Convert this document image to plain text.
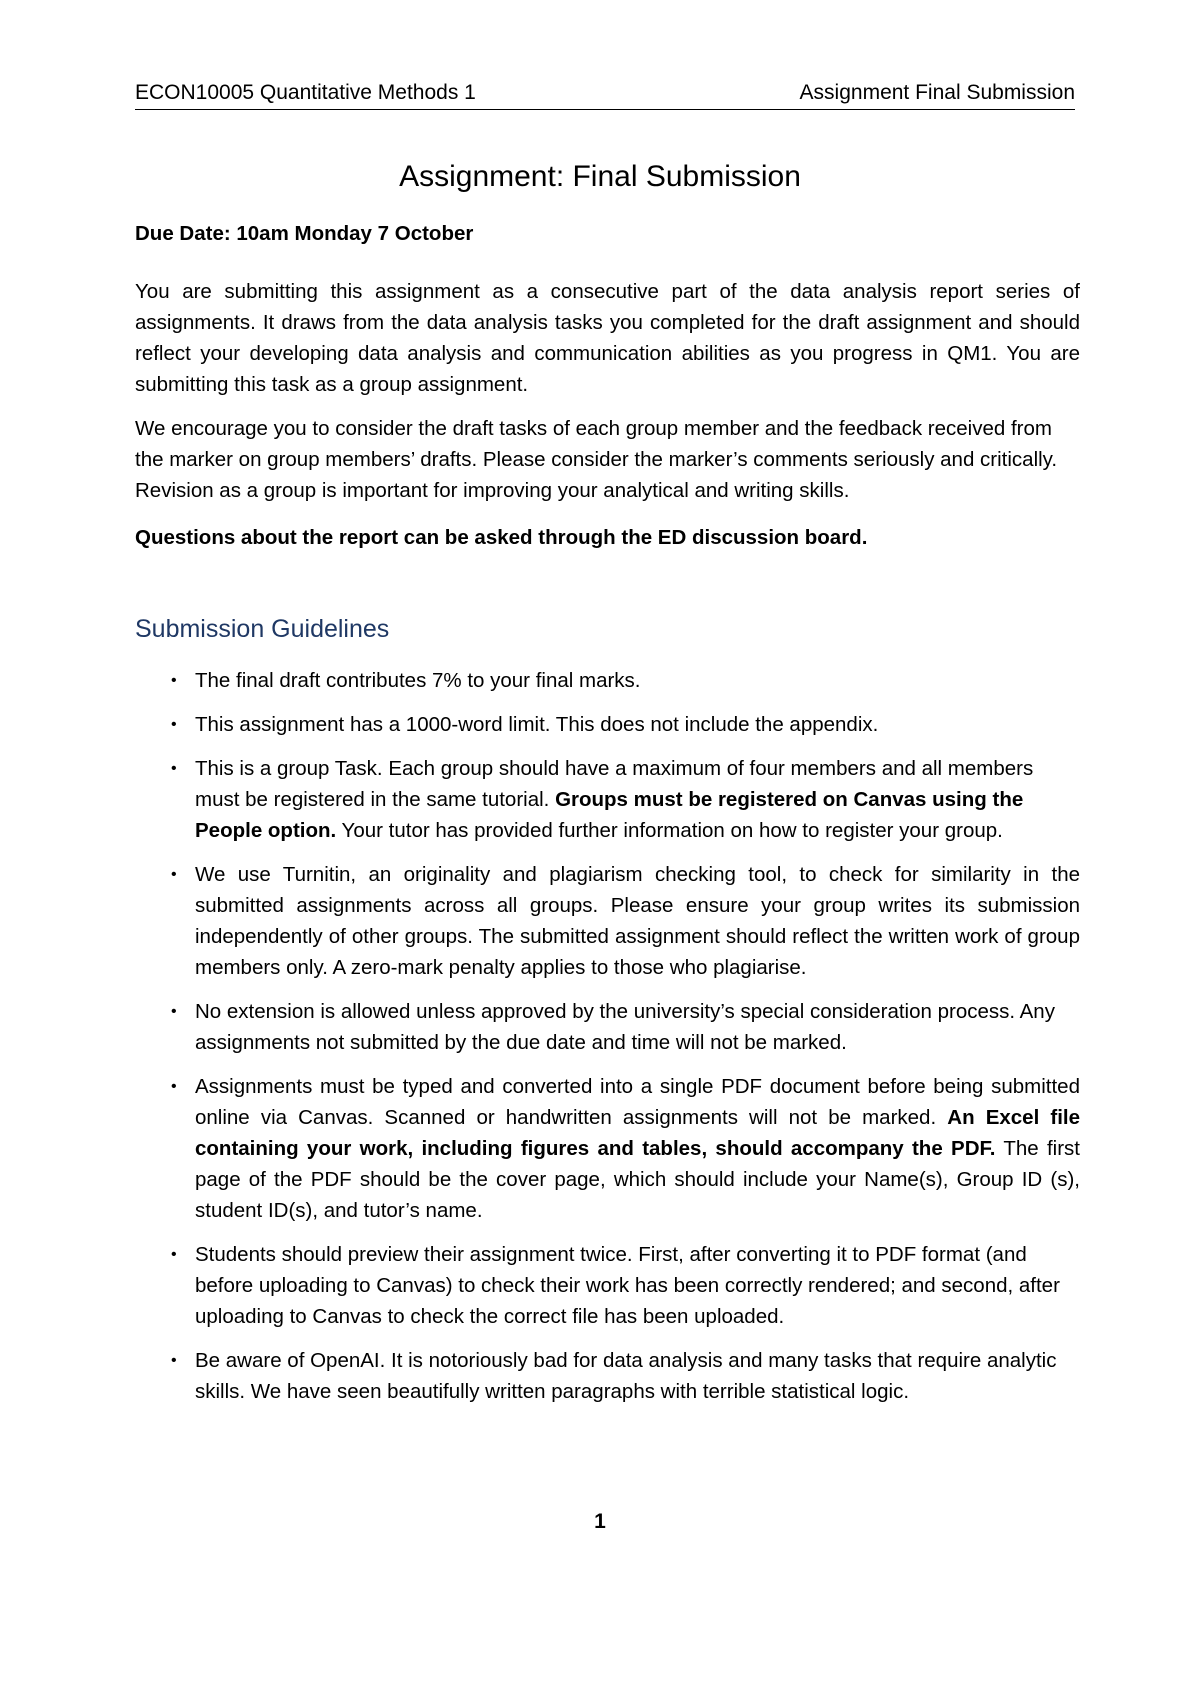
ECON10005 Quantitative Methods 1	Assignment Final Submission
Assignment: Final Submission

Due Date: 10am Monday 7 October

You are submitting this assignment as a consecutive part of the data analysis report series of assignments. It draws from the data analysis tasks you completed for the draft assignment and should reflect your developing data analysis and communication abilities as you progress in QM1. You are submitting this task as a group assignment.

We encourage you to consider the draft tasks of each group member and the feedback received from the marker on group members’ drafts. Please consider the marker’s comments seriously and critically. Revision as a group is important for improving your analytical and writing skills.

Questions about the report can be asked through the ED discussion board.

Submission Guidelines
• The final draft contributes 7% to your final marks.
• This assignment has a 1000-word limit. This does not include the appendix.
• This is a group Task. Each group should have a maximum of four members and all members must be registered in the same tutorial. Groups must be registered on Canvas using the People option. Your tutor has provided further information on how to register your group.
• We use Turnitin, an originality and plagiarism checking tool, to check for similarity in the submitted assignments across all groups. Please ensure your group writes its submission independently of other groups. The submitted assignment should reflect the written work of group members only. A zero-mark penalty applies to those who plagiarise.
• No extension is allowed unless approved by the university’s special consideration process. Any assignments not submitted by the due date and time will not be marked.
• Assignments must be typed and converted into a single PDF document before being submitted online via Canvas. Scanned or handwritten assignments will not be marked. An Excel file containing your work, including figures and tables, should accompany the PDF. The first page of the PDF should be the cover page, which should include your Name(s), Group ID (s), student ID(s), and tutor’s name.
• Students should preview their assignment twice. First, after converting it to PDF format (and before uploading to Canvas) to check their work has been correctly rendered; and second, after uploading to Canvas to check the correct file has been uploaded.
• Be aware of OpenAI. It is notoriously bad for data analysis and many tasks that require analytic skills. We have seen beautifully written paragraphs with terrible statistical logic.
1
